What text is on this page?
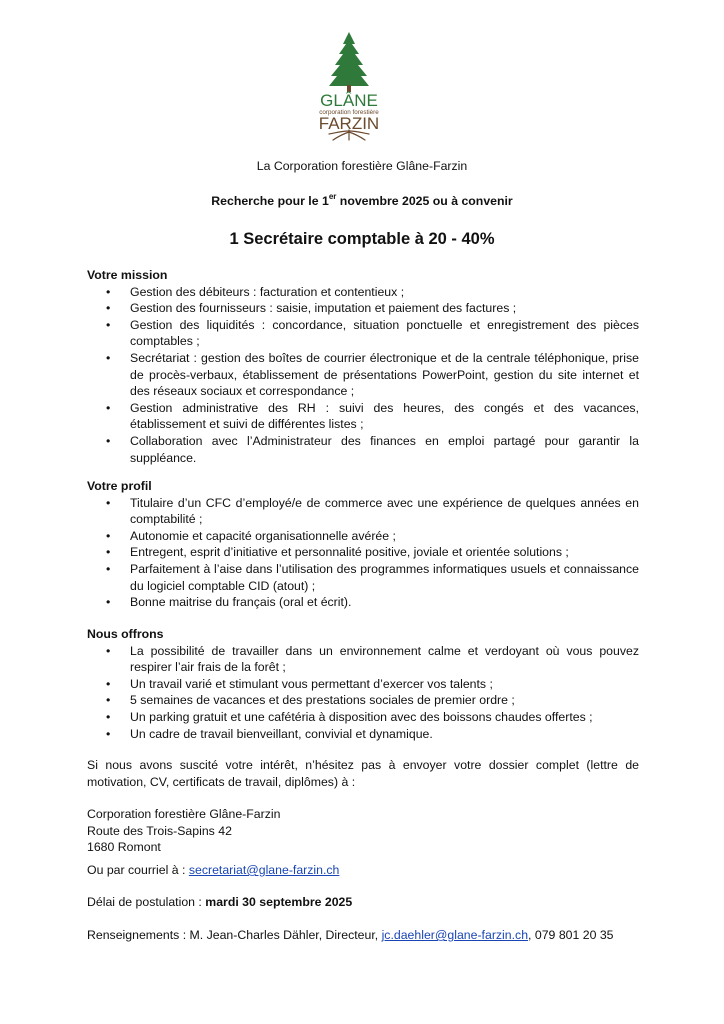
GLÂNE
corporation forestière
FARZIN
La Corporation forestière Glâne-Farzin
Recherche pour le 1er novembre 2025 ou à convenir
1 Secrétaire comptable à 20 - 40%

Votre mission

• Gestion des débiteurs : facturation et contentieux ;
• Gestion des fournisseurs : saisie, imputation et paiement des factures ;
• Gestion des liquidités : concordance, situation ponctuelle et enregistrement des pièces comptables ;
• Secrétariat : gestion des boîtes de courrier électronique et de la centrale téléphonique, prise de procès-verbaux, établissement de présentations PowerPoint, gestion du site internet et des réseaux sociaux et correspondance ;
• Gestion administrative des RH : suivi des heures, des congés et des vacances, établissement et suivi de différentes listes ;
• Collaboration avec l’Administrateur des finances en emploi partagé pour garantir la suppléance.

Votre profil

• Titulaire d’un CFC d’employé/e de commerce avec une expérience de quelques années en comptabilité ;
• Autonomie et capacité organisationnelle avérée ;
• Entregent, esprit d’initiative et personnalité positive, joviale et orientée solutions ;
• Parfaitement à l’aise dans l’utilisation des programmes informatiques usuels et connaissance du logiciel comptable CID (atout) ;
• Bonne maitrise du français (oral et écrit).

Nous offrons

• La possibilité de travailler dans un environnement calme et verdoyant où vous pouvez respirer l’air frais de la forêt ;
• Un travail varié et stimulant vous permettant d’exercer vos talents ;
• 5 semaines de vacances et des prestations sociales de premier ordre ;
• Un parking gratuit et une cafétéria à disposition avec des boissons chaudes offertes ;
• Un cadre de travail bienveillant, convivial et dynamique.

Si nous avons suscité votre intérêt, n’hésitez pas à envoyer votre dossier complet (lettre de motivation, CV, certificats de travail, diplômes) à :

Corporation forestière Glâne-Farzin

Route des Trois-Sapins 42

1680 Romont

Ou par courriel à : secretariat@glane-farzin.ch

Délai de postulation : mardi 30 septembre 2025

Renseignements : M. Jean-Charles Dähler, Directeur, jc.daehler@glane-farzin.ch, 079 801 20 35
